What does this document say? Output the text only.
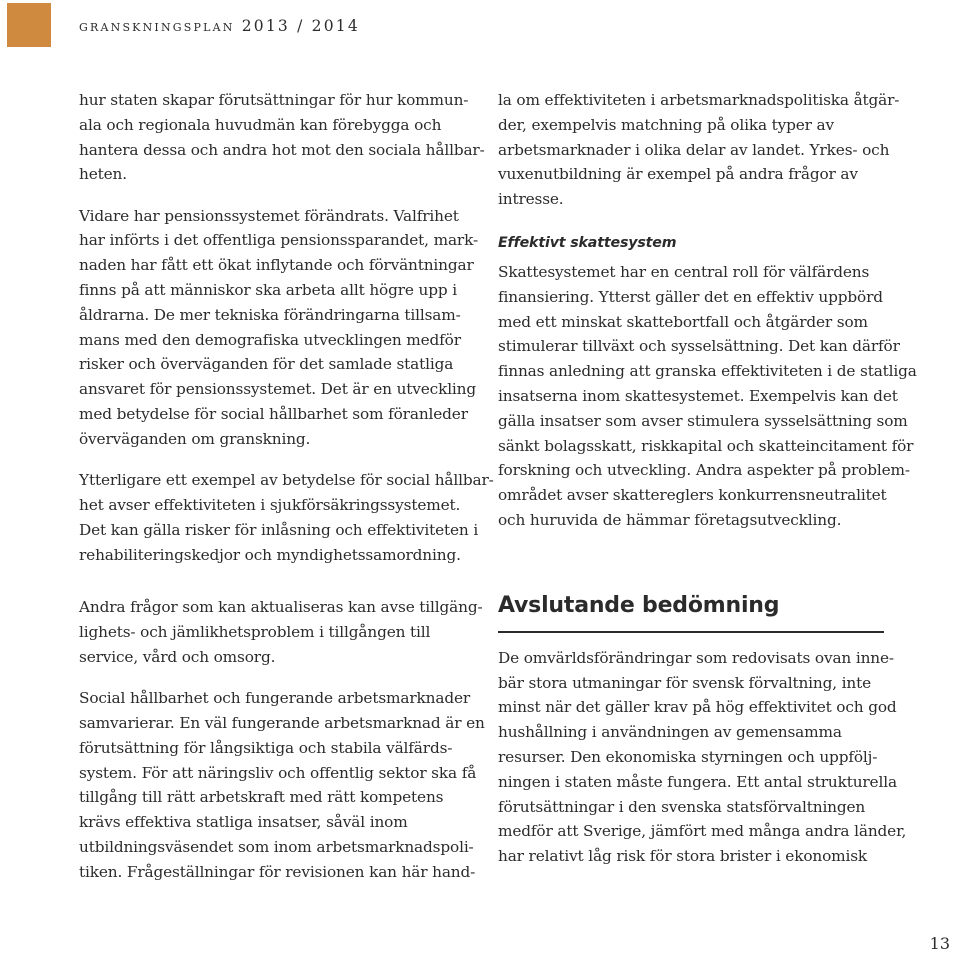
granskningsplan 2013 / 2014

hur staten skapar förutsättningar för hur kommun-
ala och regionala huvudmän kan förebygga och
hantera dessa och andra hot mot den sociala hållbar-
heten.

Vidare har pensionssystemet förändrats. Valfrihet
har införts i det offentliga pensionssparandet, mark-
naden har fått ett ökat inflytande och förväntningar
finns på att människor ska arbeta allt högre upp i
åldrarna. De mer tekniska förändringarna tillsam-
mans med den demografiska utvecklingen medför
risker och överväganden för det samlade statliga
ansvaret för pensionssystemet. Det är en utveckling
med betydelse för social hållbarhet som föranleder
överväganden om granskning.

Ytterligare ett exempel av betydelse för social hållbar-
het avser effektiviteten i sjukförsäkringssystemet.
Det kan gälla risker för inlåsning och effektiviteten i
rehabiliteringskedjor och myndighetssamordning.

Andra frågor som kan aktualiseras kan avse tillgäng-
lighets- och jämlikhetsproblem i tillgången till
service, vård och omsorg.

Social hållbarhet och fungerande arbetsmarknader
samvarierar. En väl fungerande arbetsmarknad är en
förutsättning för långsiktiga och stabila välfärds-
system. För att näringsliv och offentlig sektor ska få
tillgång till rätt arbetskraft med rätt kompetens
krävs effektiva statliga insatser, såväl inom
utbildningsväsendet som inom arbetsmarknadspoli-
tiken. Frågeställningar för revisionen kan här hand-

la om effektiviteten i arbetsmarknadspolitiska åtgär-
der, exempelvis matchning på olika typer av
arbetsmarknader i olika delar av landet. Yrkes- och
vuxenutbildning är exempel på andra frågor av
intresse.

Effektivt skattesystem

Skattesystemet har en central roll för välfärdens
finansiering. Ytterst gäller det en effektiv uppbörd
med ett minskat skattebortfall och åtgärder som
stimulerar tillväxt och sysselsättning. Det kan därför
finnas anledning att granska effektiviteten i de statliga
insatserna inom skattesystemet. Exempelvis kan det
gälla insatser som avser stimulera sysselsättning som
sänkt bolagsskatt, riskkapital och skatteincitament för
forskning och utveckling. Andra aspekter på problem-
området avser skattereglers konkurrensneutralitet
och huruvida de hämmar företagsutveckling.

Avslutande bedömning

De omvärldsförändringar som redovisats ovan inne-
bär stora utmaningar för svensk förvaltning, inte
minst när det gäller krav på hög effektivitet och god
hushållning i användningen av gemensamma
resurser. Den ekonomiska styrningen och uppfölj-
ningen i staten måste fungera. Ett antal strukturella
förutsättningar i den svenska statsförvaltningen
medför att Sverige, jämfört med många andra länder,
har relativt låg risk för stora brister i ekonomisk

13
